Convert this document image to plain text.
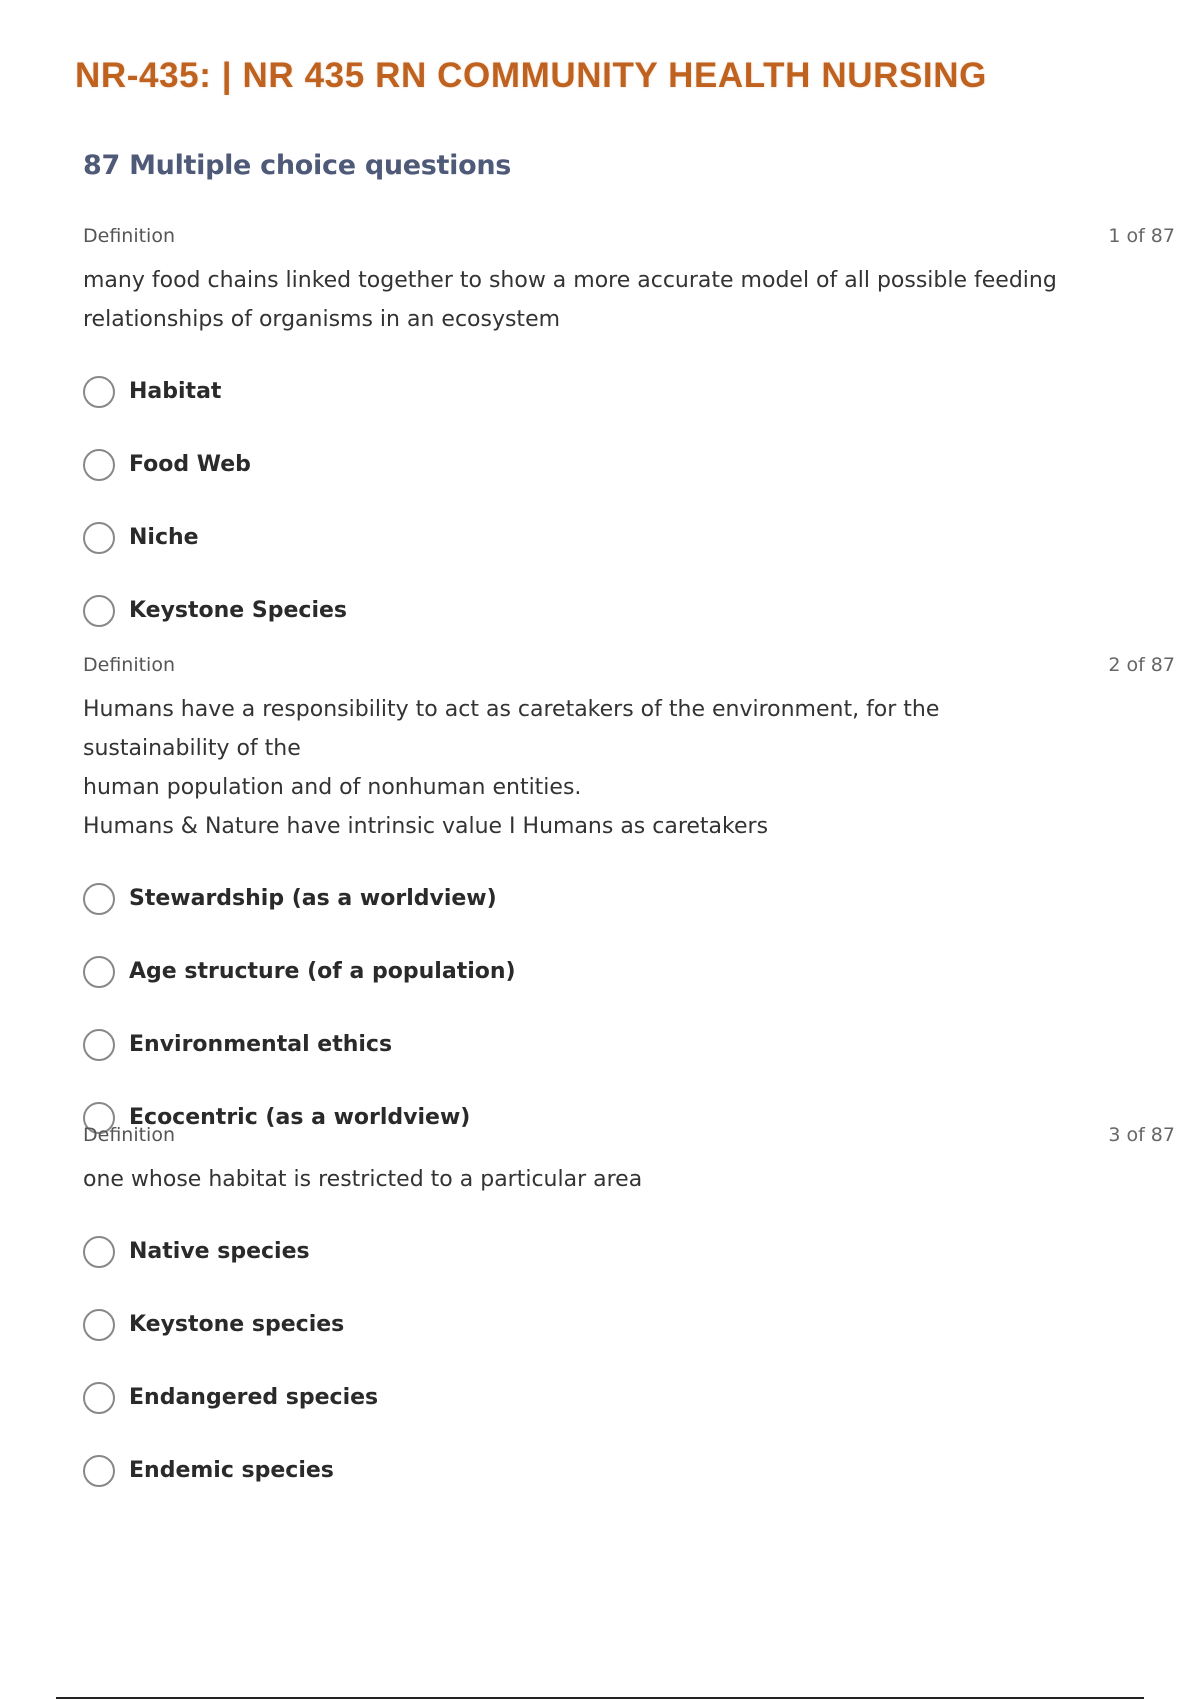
NR-435: | NR 435 RN COMMUNITY HEALTH NURSING
87 Multiple choice questions
Definition	1 of 87
many food chains linked together to show a more accurate model of all possible feeding
relationships of organisms in an ecosystem
Habitat
Food Web
Niche
Keystone Species
Definition	2 of 87
Humans have a responsibility to act as caretakers of the environment, for the sustainability of the
human population and of nonhuman entities.
Humans & Nature have intrinsic value I Humans as caretakers
Stewardship (as a worldview)
Age structure (of a population)
Environmental ethics
Ecocentric (as a worldview)
Definition	3 of 87
one whose habitat is restricted to a particular area
Native species
Keystone species
Endangered species
Endemic species
